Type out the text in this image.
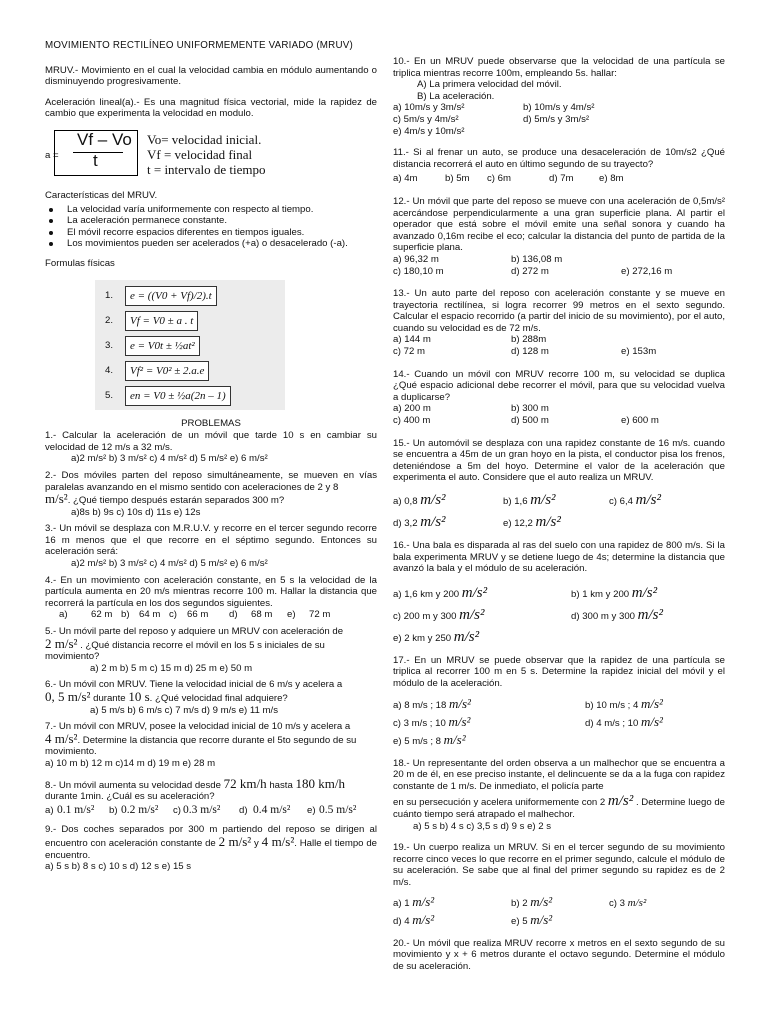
MOVIMIENTO RECTILÍNEO UNIFORMEMENTE VARIADO (MRUV)

MRUV.- Movimiento en el cual la velocidad cambia en módulo aumentando o disminuyendo progresivamente.

Aceleración lineal(a).- Es una magnitud física vectorial, mide la rapidez de cambio que experimenta la velocidad en modulo.

a =
Vf – Vo
t
Vo= velocidad inicial.
Vf = velocidad final
t = intervalo de tiempo

Características del MRUV.

La velocidad varía uniformemente con respecto al tiempo.
La aceleración permanece constante.
El móvil recorre espacios diferentes en tiempos iguales.
Los movimientos pueden ser acelerados (+a) o desacelerado (-a).

Formulas físicas

1.	e = ((V0 + Vf)/2).t
2.	Vf = V0 ± a . t
3.	e = V0t ± ½at²
4.	Vf² = V0² ± 2.a.e
5.	en = V0 ± ½a(2n – 1)

PROBLEMAS

1.- Calcular la aceleración de un móvil que tarde 10 s en cambiar su velocidad de 12 m/s a 32 m/s.

a)2 m/s² b) 3 m/s² c) 4 m/s² d) 5 m/s² e) 6 m/s²

2.- Dos móviles parten del reposo simultáneamente, se mueven en vías paralelas avanzando en el mismo sentido con aceleraciones de 2 y 8

m/s². ¿Qué tiempo después estarán separados 300 m?

a)8s b) 9s c) 10s d) 11s e) 12s

3.- Un móvil se desplaza con M.R.U.V. y recorre en el tercer segundo recorre 16 m menos que el que recorre en el séptimo segundo. Entonces su aceleración será:

a)2 m/s² b) 3 m/s² c) 4 m/s² d) 5 m/s² e) 6 m/s²

4.- En un movimiento con aceleración constante, en 5 s la velocidad de la partícula aumenta en 20 m/s mientras recorre 100 m. Hallar la distancia que recorrerá la partícula en los dos segundos siguientes.

a)	62 m b) 64 m c)	66 m	d)	68 m	e)	72 m

5.- Un móvil parte del reposo y adquiere un MRUV con aceleración de

2 m/s² . ¿Qué distancia recorre el móvil en los 5 s iniciales de su movimiento?

a) 2 m b) 5 m c) 15 m d) 25 m e) 50 m

6.- Un móvil con MRUV. Tiene la velocidad inicial de 6 m/s y acelera a

0, 5 m/s² durante 10 s. ¿Qué velocidad final adquiere?

a) 5 m/s b) 6 m/s c) 7 m/s d) 9 m/s e) 11 m/s

7.- Un móvil con MRUV, posee la velocidad inicial de 10 m/s y acelera a

4 m/s². Determine la distancia que recorre durante el 5to segundo de su movimiento.

a) 10 m b) 12 m c)14 m d) 19 m e) 28 m

8.- Un móvil aumenta su velocidad desde 72 km/h hasta 180 km/h

durante 1min. ¿Cuál es su aceleración?

a) 0.1 m/s²	b) 0.2 m/s²	c) 0.3 m/s²	d) 0.4 m/s²	e) 0.5 m/s²

9.- Dos coches separados por 300 m partiendo del reposo se dirigen al encuentro con aceleración constante de 2 m/s² y 4 m/s². Halle el tiempo de encuentro.

a) 5 s b) 8 s c) 10 s d) 12 s e) 15 s

10.- En un MRUV puede observarse que la velocidad de una partícula se triplica mientras recorre 100m, empleando 5s. hallar:

A) La primera velocidad del móvil.

B) La aceleración.

a) 10m/s y 3m/s²	b) 10m/s y 4m/s²
c) 5m/s y 4m/s²	d) 5m/s y 3m/s²

e) 4m/s y 10m/s²

11.- Si al frenar un auto, se produce una desaceleración de 10m/s2 ¿Qué distancia recorrerá el auto en último segundo de su trayecto?

a) 4m	b) 5m	c) 6m	d) 7m	e) 8m

12.- Un móvil que parte del reposo se mueve con una aceleración de 0,5m/s² acercándose perpendicularmente a una gran superficie plana. Al partir el operador que está sobre el móvil emite una señal sonora y cuando ha avanzado 0,16m recibe el eco; calcular la distancia del punto de partida de la superficie plana.

a) 96,32 m	b) 136,08 m
c) 180,10 m	d) 272 m	e) 272,16 m

13.- Un auto parte del reposo con aceleración constante y se mueve en trayectoria rectilínea, si logra recorrer 99 metros en el sexto segundo. Calcular el espacio recorrido (a partir del inicio de su movimiento), por el auto, cuando su velocidad es de 72 m/s.

a) 144 m	b) 288m
c) 72 m	d) 128 m	e) 153m

14.- Cuando un móvil con MRUV recorre 100 m, su velocidad se duplica ¿Qué espacio adicional debe recorrer el móvil, para que su velocidad vuelva a duplicarse?

a) 200 m	b) 300 m
c) 400 m	d) 500 m	e) 600 m

15.- Un automóvil se desplaza con una rapidez constante de 16 m/s. cuando se encuentra a 45m de un gran hoyo en la pista, el conductor pisa los frenos, deteniéndose a 5m del hoyo. Determine el valor de la aceleración que experimenta el auto. Considere que el auto realiza un MRUV.

a) 0,8 m/s²	b) 1,6 m/s²	c) 6,4 m/s²
d) 3,2 m/s²	e) 12,2 m/s²

16.- Una bala es disparada al ras del suelo con una rapidez de 800 m/s. Si la bala experimenta MRUV y se detiene luego de 4s; determine la distancia que avanzó la bala y el módulo de su aceleración.

a) 1,6 km y 200 m/s²	b) 1 km y 200 m/s²
c) 200 m y 300 m/s²	d) 300 m y 300 m/s²
e) 2 km y 250 m/s²

17.- En un MRUV se puede observar que la rapidez de una partícula se triplica al recorrer 100 m en 5 s. Determine la rapidez inicial del móvil y el módulo de la aceleración.

a) 8 m/s ; 18 m/s²	b) 10 m/s ; 4 m/s²
c) 3 m/s ; 10 m/s²	d) 4 m/s ; 10 m/s²
e) 5 m/s ; 8 m/s²

18.- Un representante del orden observa a un malhechor que se encuentra a 20 m de él, en ese preciso instante, el delincuente se da a la fuga con rapidez constante de 1 m/s. De inmediato, el policía parte

en su persecución y acelera uniformemente con 2 m/s² . Determine luego de cuánto tiempo será atrapado el malhechor.

a) 5 s b) 4 s c) 3,5 s d) 9 s e) 2 s

19.- Un cuerpo realiza un MRUV. Si en el tercer segundo de su movimiento recorre cinco veces lo que recorre en el primer segundo, calcule el módulo de su aceleración. Se sabe que al final del primer segundo su rapidez es de 2 m/s.

a) 1 m/s²	b) 2 m/s²	c) 3 m/s²
d) 4 m/s²	e) 5 m/s²

20.- Un móvil que realiza MRUV recorre x metros en el sexto segundo de su movimiento y x + 6 metros durante el octavo segundo. Determine el módulo de su aceleración.
